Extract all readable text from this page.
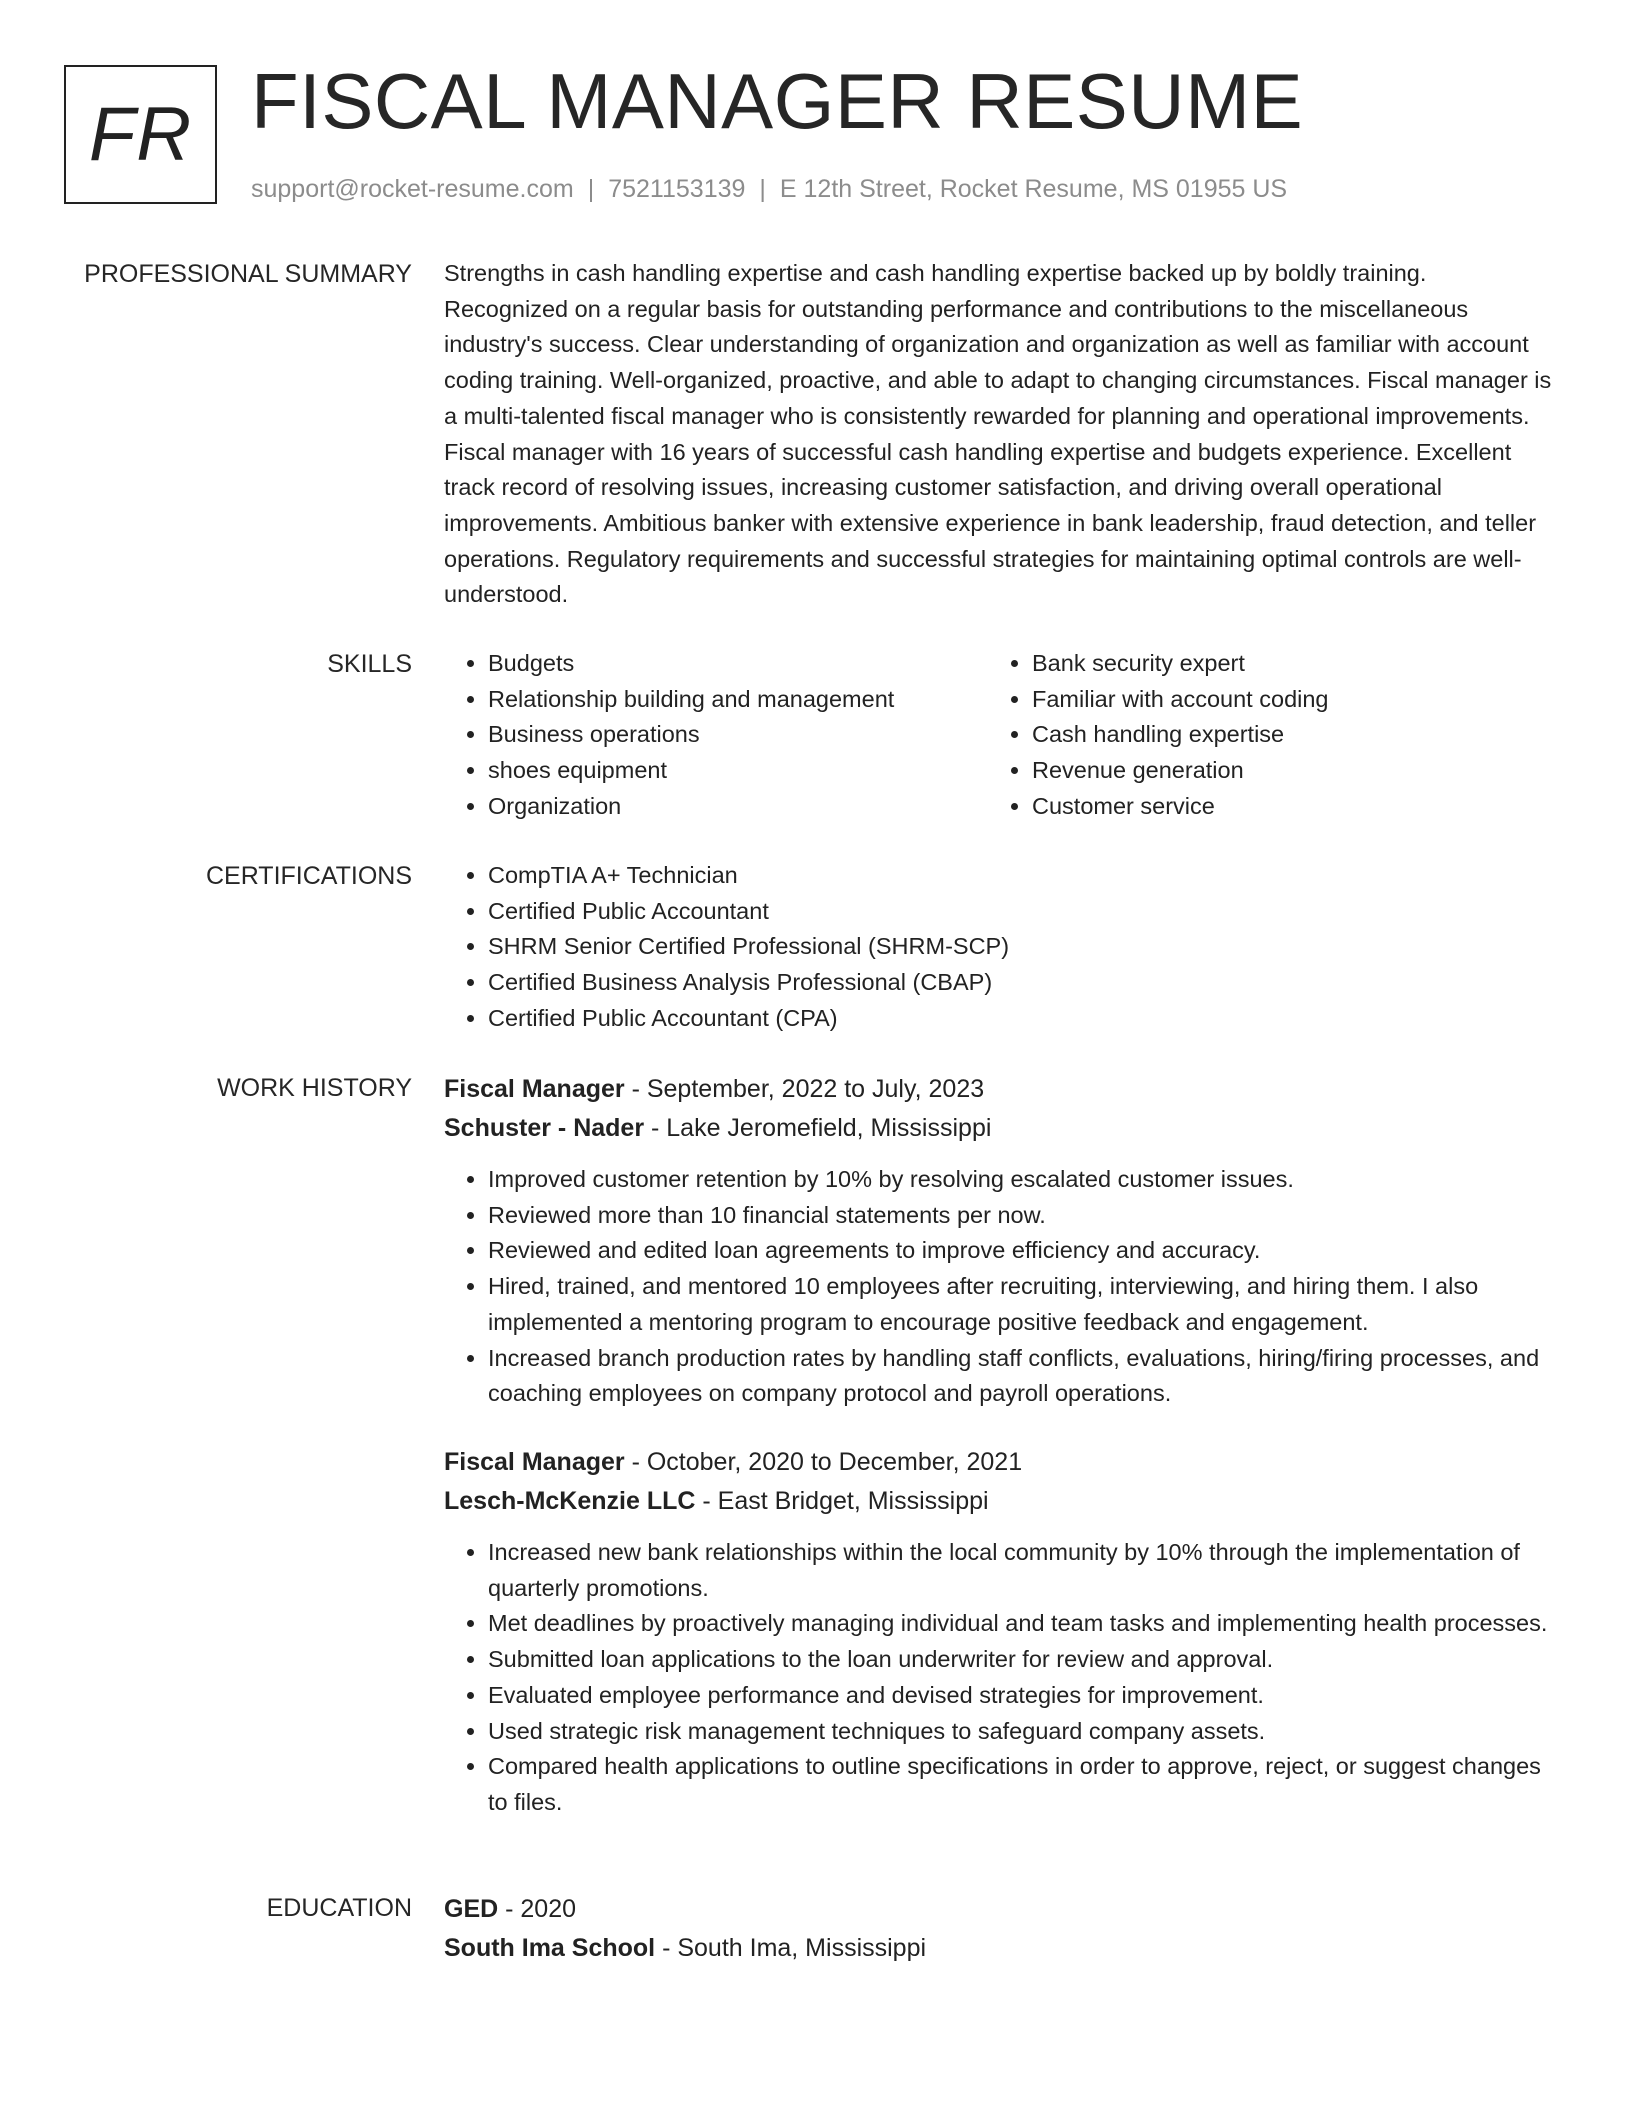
FR FISCAL MANAGER RESUME
support@rocket-resume.com | 7521153139 | E 12th Street, Rocket Resume, MS 01955 US
PROFESSIONAL SUMMARY Strengths in cash handling expertise and cash handling expertise backed up by boldly training. Recognized on a regular basis for outstanding performance and contributions to the miscellaneous industry's success. Clear understanding of organization and organization as well as familiar with account coding training. Well-organized, proactive, and able to adapt to changing circumstances. Fiscal manager is a multi-talented fiscal manager who is consistently rewarded for planning and operational improvements. Fiscal manager with 16 years of successful cash handling expertise and budgets experience. Excellent track record of resolving issues, increasing customer satisfaction, and driving overall operational improvements. Ambitious banker with extensive experience in bank leadership, fraud detection, and teller operations. Regulatory requirements and successful strategies for maintaining optimal controls are well-understood.

SKILLS	• Budgets
• Relationship building and management
• Business operations
• shoes equipment
• Organization
• Bank security expert
• Familiar with account coding
• Cash handling expertise
• Revenue generation
• Customer service
CERTIFICATIONS	• CompTIA A+ Technician
• Certified Public Accountant
• SHRM Senior Certified Professional (SHRM-SCP)
• Certified Business Analysis Professional (CBAP)
• Certified Public Accountant (CPA)
WORK HISTORY Fiscal Manager - September, 2022 to July, 2023

Schuster - Nader - Lake Jeromefield, Mississippi

• Improved customer retention by 10% by resolving escalated customer issues.
• Reviewed more than 10 financial statements per now.
• Reviewed and edited loan agreements to improve efficiency and accuracy.
• Hired, trained, and mentored 10 employees after recruiting, interviewing, and hiring them. I also implemented a mentoring program to encourage positive feedback and engagement.
• Increased branch production rates by handling staff conflicts, evaluations, hiring/firing processes, and coaching employees on company protocol and payroll operations.

Fiscal Manager - October, 2020 to December, 2021

Lesch-McKenzie LLC - East Bridget, Mississippi

• Increased new bank relationships within the local community by 10% through the implementation of quarterly promotions.
• Met deadlines by proactively managing individual and team tasks and implementing health processes.
• Submitted loan applications to the loan underwriter for review and approval.
• Evaluated employee performance and devised strategies for improvement.
• Used strategic risk management techniques to safeguard company assets.
• Compared health applications to outline specifications in order to approve, reject, or suggest changes to files.
EDUCATION GED - 2020

South Ima School - South Ima, Mississippi
